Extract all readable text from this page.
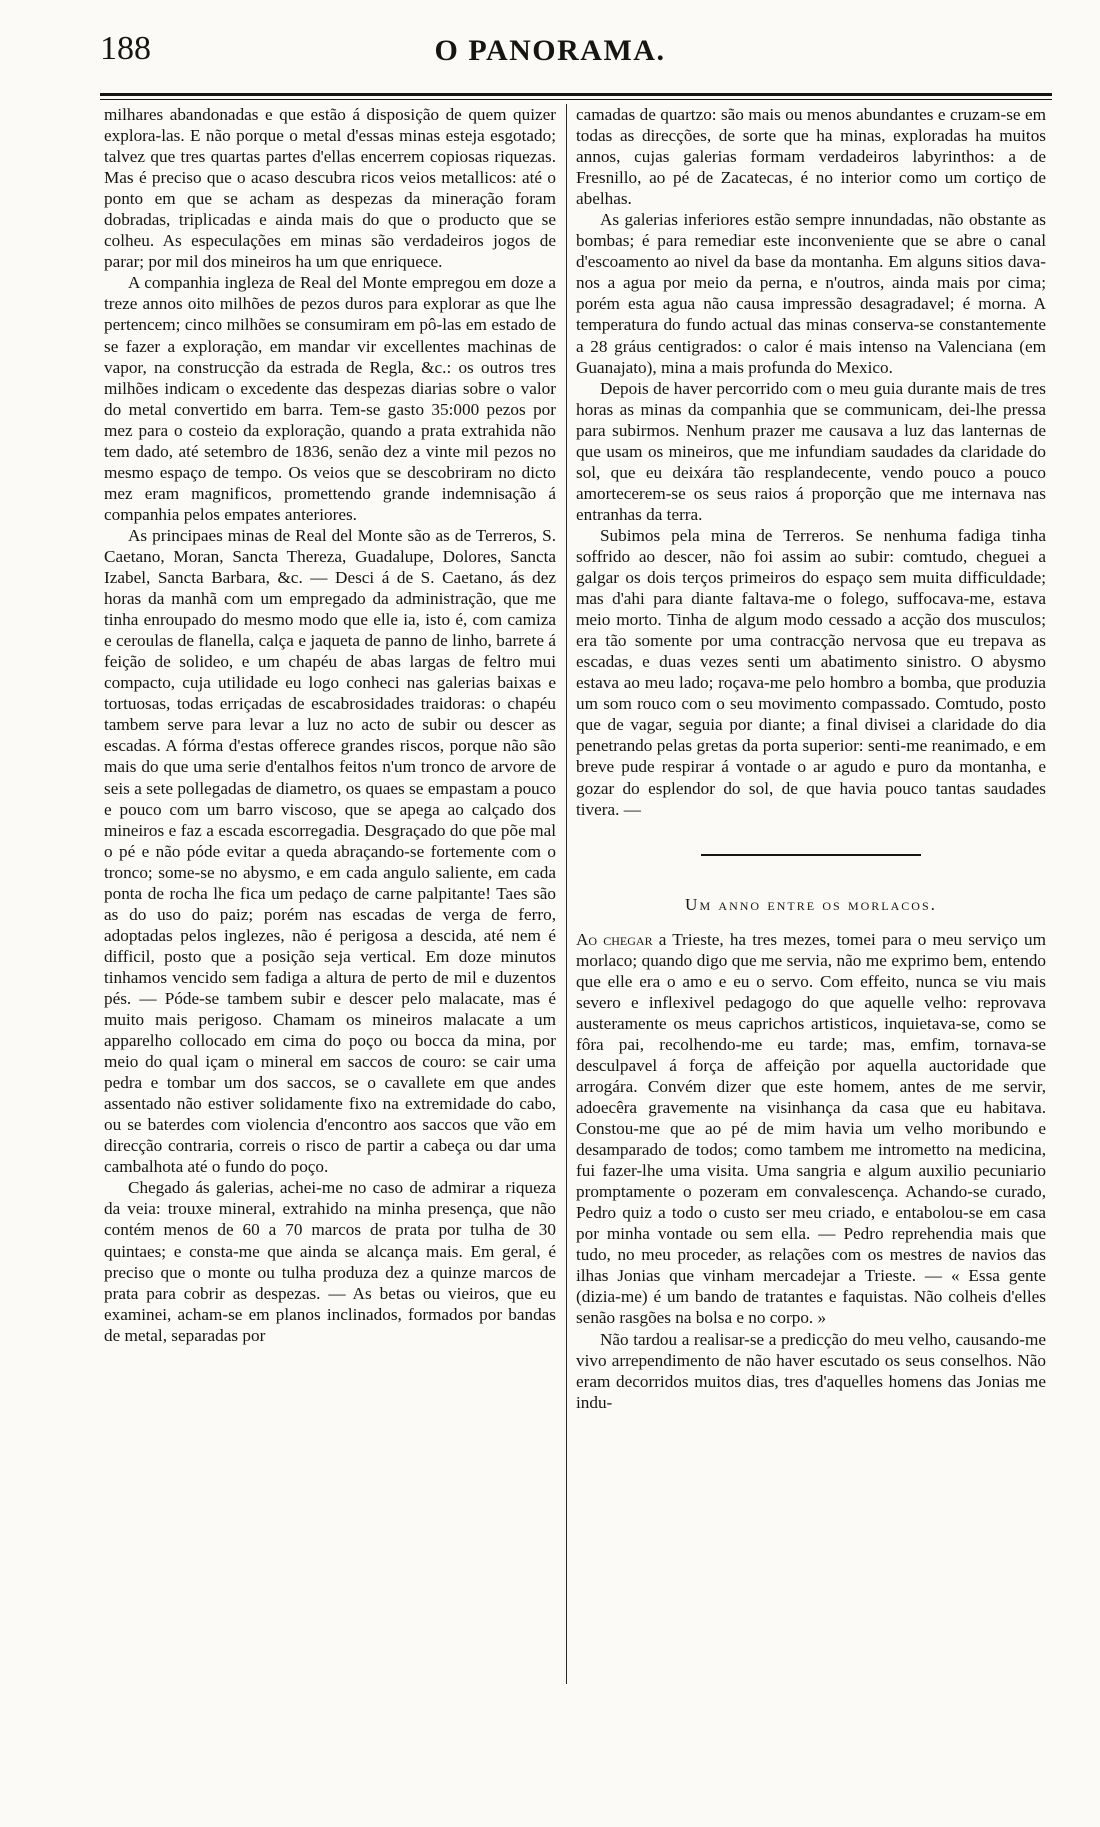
188	O PANORAMA.

milhares abandonadas e que estão á disposição de quem quizer explora-las. E não porque o metal d'essas minas esteja esgotado; talvez que tres quartas partes d'ellas encerrem copiosas riquezas. Mas é preciso que o acaso descubra ricos veios metallicos: até o ponto em que se acham as despezas da mineração foram dobradas, triplicadas e ainda mais do que o producto que se colheu. As especulações em minas são verdadeiros jogos de parar; por mil dos mineiros ha um que enriquece.

A companhia ingleza de Real del Monte empregou em doze a treze annos oito milhões de pezos duros para explorar as que lhe pertencem; cinco milhões se consumiram em pô-las em estado de se fazer a exploração, em mandar vir excellentes machinas de vapor, na construcção da estrada de Regla, &c.: os outros tres milhões indicam o excedente das despezas diarias sobre o valor do metal convertido em barra. Tem-se gasto 35:000 pezos por mez para o costeio da exploração, quando a prata extrahida não tem dado, até setembro de 1836, senão dez a vinte mil pezos no mesmo espaço de tempo. Os veios que se descobriram no dicto mez eram magnificos, promettendo grande indemnisação á companhia pelos empates anteriores.

As principaes minas de Real del Monte são as de Terreros, S. Caetano, Moran, Sancta Thereza, Guadalupe, Dolores, Sancta Izabel, Sancta Barbara, &c. — Desci á de S. Caetano, ás dez horas da manhã com um empregado da administração, que me tinha enroupado do mesmo modo que elle ia, isto é, com camiza e ceroulas de flanella, calça e jaqueta de panno de linho, barrete á feição de solideo, e um chapéu de abas largas de feltro mui compacto, cuja utilidade eu logo conheci nas galerias baixas e tortuosas, todas erriçadas de escabrosidades traidoras: o chapéu tambem serve para levar a luz no acto de subir ou descer as escadas. A fórma d'estas offerece grandes riscos, porque não são mais do que uma serie d'entalhos feitos n'um tronco de arvore de seis a sete pollegadas de diametro, os quaes se empastam a pouco e pouco com um barro viscoso, que se apega ao calçado dos mineiros e faz a escada escorregadia. Desgraçado do que põe mal o pé e não póde evitar a queda abraçando-se fortemente com o tronco; some-se no abysmo, e em cada angulo saliente, em cada ponta de rocha lhe fica um pedaço de carne palpitante! Taes são as do uso do paiz; porém nas escadas de verga de ferro, adoptadas pelos inglezes, não é perigosa a descida, até nem é difficil, posto que a posição seja vertical. Em doze minutos tinhamos vencido sem fadiga a altura de perto de mil e duzentos pés. — Póde-se tambem subir e descer pelo malacate, mas é muito mais perigoso. Chamam os mineiros malacate a um apparelho collocado em cima do poço ou bocca da mina, por meio do qual içam o mineral em saccos de couro: se cair uma pedra e tombar um dos saccos, se o cavallete em que andes assentado não estiver solidamente fixo na extremidade do cabo, ou se baterdes com violencia d'encontro aos saccos que vão em direcção contraria, correis o risco de partir a cabeça ou dar uma cambalhota até o fundo do poço.

Chegado ás galerias, achei-me no caso de admirar a riqueza da veia: trouxe mineral, extrahido na minha presença, que não contém menos de 60 a 70 marcos de prata por tulha de 30 quintaes; e consta-me que ainda se alcança mais. Em geral, é preciso que o monte ou tulha produza dez a quinze marcos de prata para cobrir as despezas. — As betas ou vieiros, que eu examinei, acham-se em planos inclinados, formados por bandas de metal, separadas por

camadas de quartzo: são mais ou menos abundantes e cruzam-se em todas as direcções, de sorte que ha minas, exploradas ha muitos annos, cujas galerias formam verdadeiros labyrinthos: a de Fresnillo, ao pé de Zacatecas, é no interior como um cortiço de abelhas.

As galerias inferiores estão sempre innundadas, não obstante as bombas; é para remediar este inconveniente que se abre o canal d'escoamento ao nivel da base da montanha. Em alguns sitios dava-nos a agua por meio da perna, e n'outros, ainda mais por cima; porém esta agua não causa impressão desagradavel; é morna. A temperatura do fundo actual das minas conserva-se constantemente a 28 gráus centigrados: o calor é mais intenso na Valenciana (em Guanajato), mina a mais profunda do Mexico.

Depois de haver percorrido com o meu guia durante mais de tres horas as minas da companhia que se communicam, dei-lhe pressa para subirmos. Nenhum prazer me causava a luz das lanternas de que usam os mineiros, que me infundiam saudades da claridade do sol, que eu deixára tão resplandecente, vendo pouco a pouco amortecerem-se os seus raios á proporção que me internava nas entranhas da terra.

Subimos pela mina de Terreros. Se nenhuma fadiga tinha soffrido ao descer, não foi assim ao subir: comtudo, cheguei a galgar os dois terços primeiros do espaço sem muita difficuldade; mas d'ahi para diante faltava-me o folego, suffocava-me, estava meio morto. Tinha de algum modo cessado a acção dos musculos; era tão somente por uma contracção nervosa que eu trepava as escadas, e duas vezes senti um abatimento sinistro. O abysmo estava ao meu lado; roçava-me pelo hombro a bomba, que produzia um som rouco com o seu movimento compassado. Comtudo, posto que de vagar, seguia por diante; a final divisei a claridade do dia penetrando pelas gretas da porta superior: senti-me reanimado, e em breve pude respirar á vontade o ar agudo e puro da montanha, e gozar do esplendor do sol, de que havia pouco tantas saudades tivera. —

Um anno entre os morlacos.

Ao chegar a Trieste, ha tres mezes, tomei para o meu serviço um morlaco; quando digo que me servia, não me exprimo bem, entendo que elle era o amo e eu o servo. Com effeito, nunca se viu mais severo e inflexivel pedagogo do que aquelle velho: reprovava austeramente os meus caprichos artisticos, inquietava-se, como se fôra pai, recolhendo-me eu tarde; mas, emfim, tornava-se desculpavel á força de affeição por aquella auctoridade que arrogára. Convém dizer que este homem, antes de me servir, adoecêra gravemente na visinhança da casa que eu habitava. Constou-me que ao pé de mim havia um velho moribundo e desamparado de todos; como tambem me intrometto na medicina, fui fazer-lhe uma visita. Uma sangria e algum auxilio pecuniario promptamente o pozeram em convalescença. Achando-se curado, Pedro quiz a todo o custo ser meu criado, e entabolou-se em casa por minha vontade ou sem ella. — Pedro reprehendia mais que tudo, no meu proceder, as relações com os mestres de navios das ilhas Jonias que vinham mercadejar a Trieste. — « Essa gente (dizia-me) é um bando de tratantes e faquistas. Não colheis d'elles senão rasgões na bolsa e no corpo. »

Não tardou a realisar-se a predicção do meu velho, causando-me vivo arrependimento de não haver escutado os seus conselhos. Não eram decorridos muitos dias, tres d'aquelles homens das Jonias me indu-
